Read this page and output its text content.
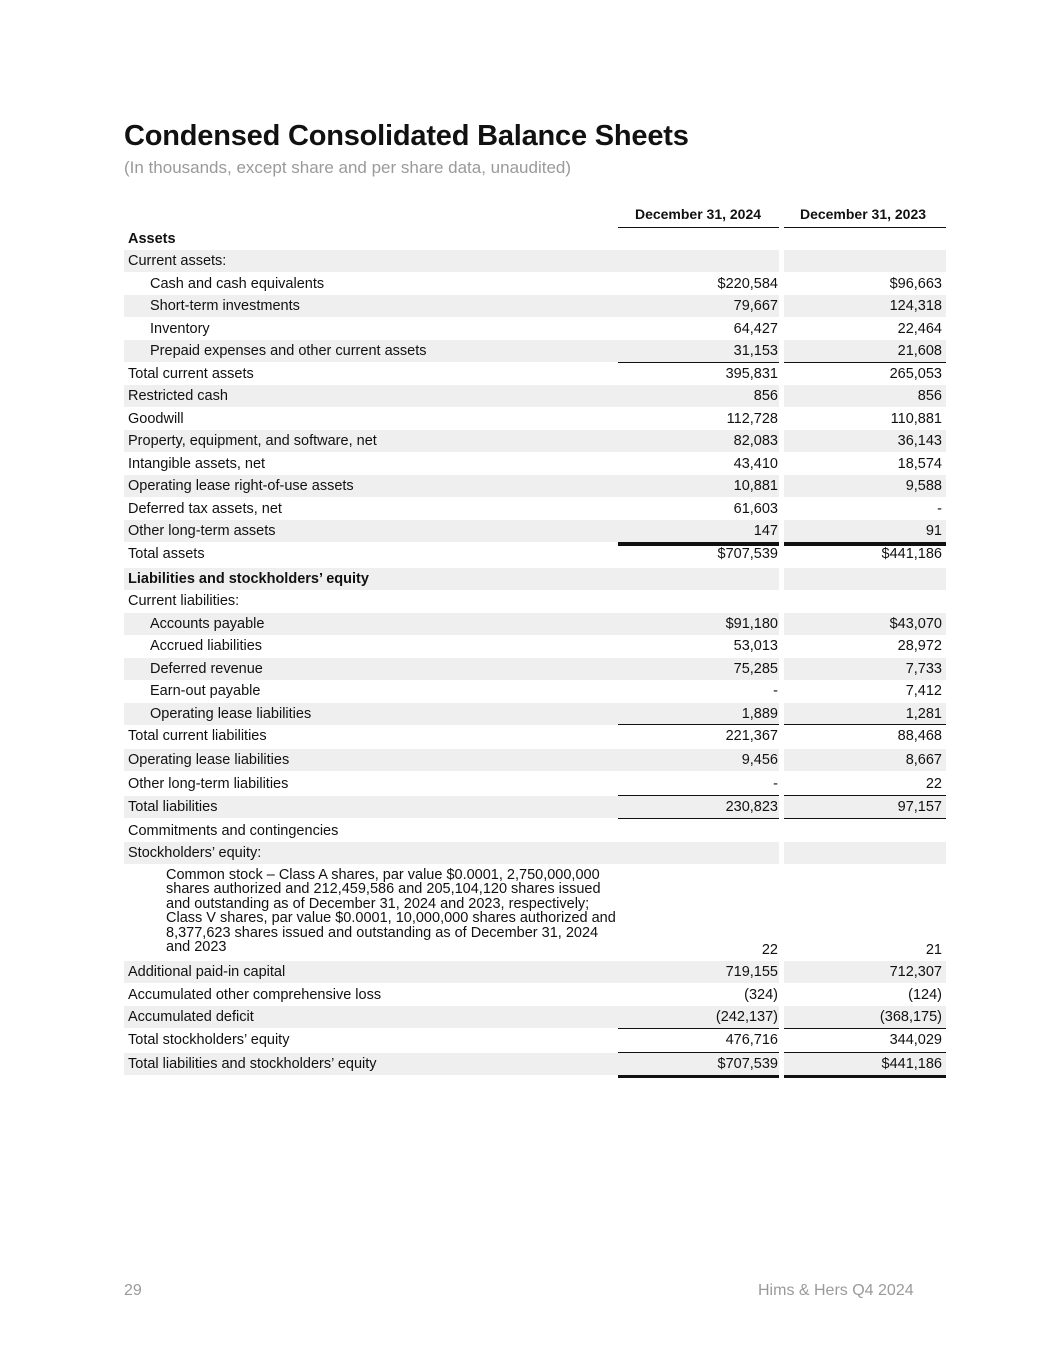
Condensed Consolidated Balance Sheets

(In thousands, except share and per share data, unaudited)

December 31, 2024	December 31, 2023
Assets
Current assets:
Cash and cash equivalents	$220,584	$96,663
Short-term investments	79,667	124,318
Inventory	64,427	22,464
Prepaid expenses and other current assets	31,153	21,608
Total current assets	395,831	265,053
Restricted cash	856	856
Goodwill	112,728	110,881
Property, equipment, and software, net	82,083	36,143
Intangible assets, net	43,410	18,574
Operating lease right-of-use assets	10,881	9,588
Deferred tax assets, net	61,603	-
Other long-term assets	147	91
Total assets	$707,539	$441,186
Liabilities and stockholders’ equity
Current liabilities:
Accounts payable	$91,180	$43,070
Accrued liabilities	53,013	28,972
Deferred revenue	75,285	7,733
Earn-out payable	-	7,412
Operating lease liabilities	1,889	1,281
Total current liabilities	221,367	88,468
Operating lease liabilities	9,456	8,667
Other long-term liabilities	-	22
Total liabilities	230,823	97,157
Commitments and contingencies
Stockholders’ equity:
Common stock – Class A shares, par value $0.0001, 2,750,000,000 shares authorized and 212,459,586 and 205,104,120 shares issued and outstanding as of December 31, 2024 and 2023, respectively; Class V shares, par value $0.0001, 10,000,000 shares authorized and 8,377,623 shares issued and outstanding as of December 31, 2024 and 2023	22	21
Additional paid-in capital	719,155	712,307
Accumulated other comprehensive loss	(324)	(124)
Accumulated deficit	(242,137)	(368,175)
Total stockholders’ equity	476,716	344,029
Total liabilities and stockholders’ equity	$707,539	$441,186
29	Hims & Hers Q4 2024
